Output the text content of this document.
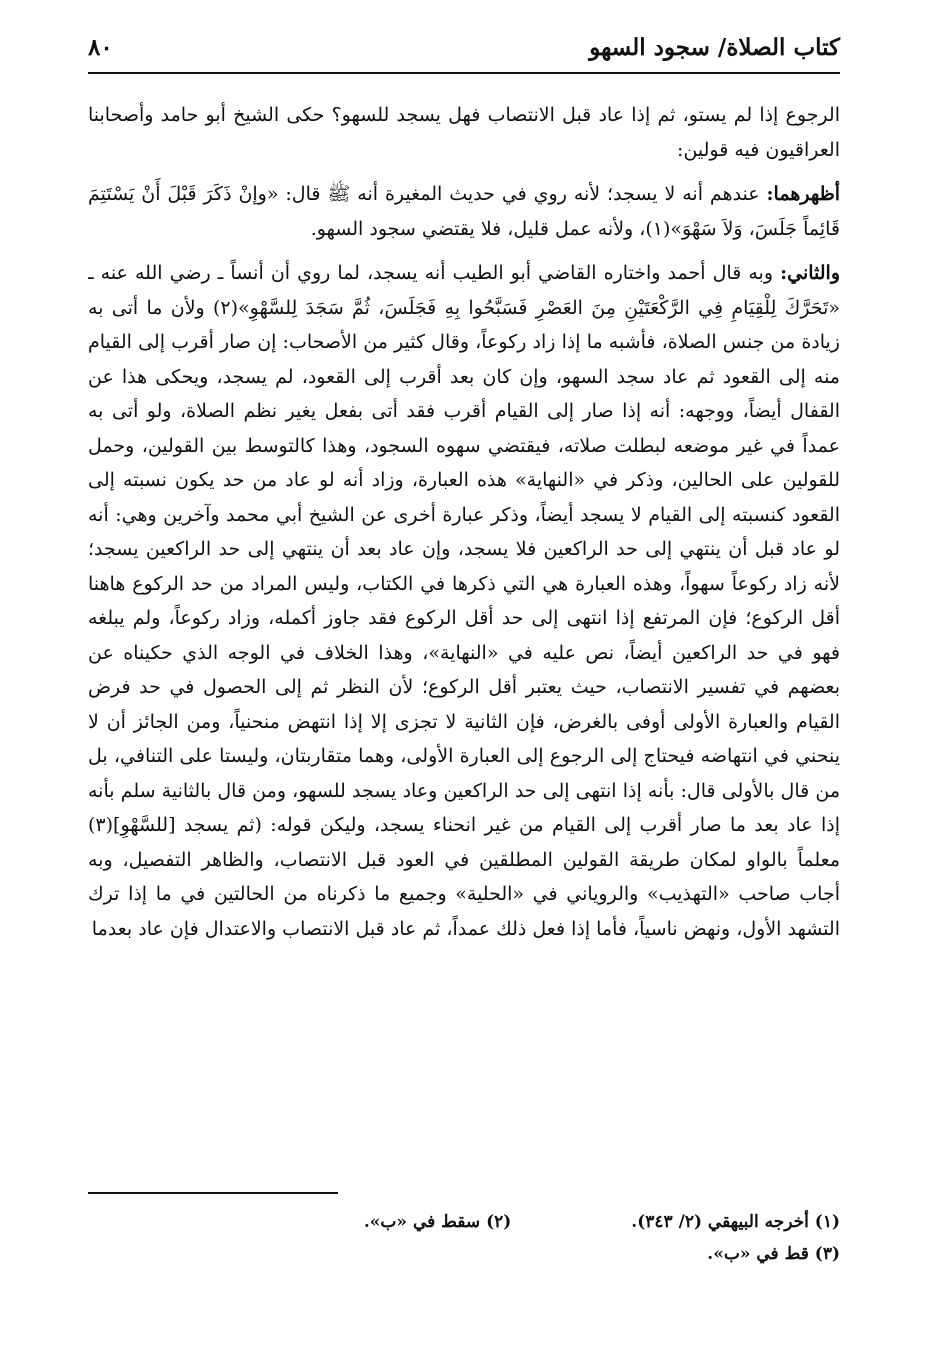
كتاب الصلاة/ سجود السهو
٨٠

الرجوع إذا لم يستو، ثم إذا عاد قبل الانتصاب فهل يسجد للسهو؟ حكى الشيخ أبو حامد وأصحابنا العراقيون فيه قولين:

أظهرهما: عندهم أنه لا يسجد؛ لأنه روي في حديث المغيرة أنه ﷺ قال: «وإنْ ذَكَرَ قَبْلَ أَنْ يَسْتَتِمَ قَائِماً جَلَسَ، وَلاَ سَهْوَ»(١)، ولأنه عمل قليل، فلا يقتضي سجود السهو.

والثاني: وبه قال أحمد واختاره القاضي أبو الطيب أنه يسجد، لما روي أن أنساً ـ رضي الله عنه ـ «تَحَرَّكَ لِلْقِيَامِ فِي الرَّكْعَتَيْنِ مِنَ العَصْرِ فَسَبَّحُوا بِهِ فَجَلَسَ، ثُمَّ سَجَدَ لِلسَّهْوِ»(٢) ولأن ما أتى به زيادة من جنس الصلاة، فأشبه ما إذا زاد ركوعاً، وقال كثير من الأصحاب: إن صار أقرب إلى القيام منه إلى القعود ثم عاد سجد السهو، وإن كان بعد أقرب إلى القعود، لم يسجد، ويحكى هذا عن القفال أيضاً، ووجهه: أنه إذا صار إلى القيام أقرب فقد أتى بفعل يغير نظم الصلاة، ولو أتى به عمداً في غير موضعه لبطلت صلاته، فيقتضي سهوه السجود، وهذا كالتوسط بين القولين، وحمل للقولين على الحالين، وذكر في «النهاية» هذه العبارة، وزاد أنه لو عاد من حد يكون نسبته إلى القعود كنسبته إلى القيام لا يسجد أيضاً، وذكر عبارة أخرى عن الشيخ أبي محمد وآخرين وهي: أنه لو عاد قبل أن ينتهي إلى حد الراكعين فلا يسجد، وإن عاد بعد أن ينتهي إلى حد الراكعين يسجد؛ لأنه زاد ركوعاً سهواً، وهذه العبارة هي التي ذكرها في الكتاب، وليس المراد من حد الركوع هاهنا أقل الركوع؛ فإن المرتفع إذا انتهى إلى حد أقل الركوع فقد جاوز أكمله، وزاد ركوعاً، ولم يبلغه فهو في حد الراكعين أيضاً، نص عليه في «النهاية»، وهذا الخلاف في الوجه الذي حكيناه عن بعضهم في تفسير الانتصاب، حيث يعتبر أقل الركوع؛ لأن النظر ثم إلى الحصول في حد فرض القيام والعبارة الأولى أوفى بالغرض، فإن الثانية لا تجزى إلا إذا انتهض منحنياً، ومن الجائز أن لا ينحني في انتهاضه فيحتاج إلى الرجوع إلى العبارة الأولى، وهما متقاربتان، وليستا على التنافي، بل من قال بالأولى قال: بأنه إذا انتهى إلى حد الراكعين وعاد يسجد للسهو، ومن قال بالثانية سلم بأنه إذا عاد بعد ما صار أقرب إلى القيام من غير انحناء يسجد، وليكن قوله: (ثم يسجد [للسَّهْوِ](٣) معلماً بالواو لمكان طريقة القولين المطلقين في العود قبل الانتصاب، والظاهر التفصيل، وبه أجاب صاحب «التهذيب» والروياني في «الحلية» وجميع ما ذكرناه من الحالتين في ما إذا ترك التشهد الأول، ونهض ناسياً، فأما إذا فعل ذلك عمداً، ثم عاد قبل الانتصاب والاعتدال فإن عاد بعدما

(١) أخرجه البيهقي (٢/ ٣٤٣).
(٢) سقط في «ب».
(٣) قط في «ب».
